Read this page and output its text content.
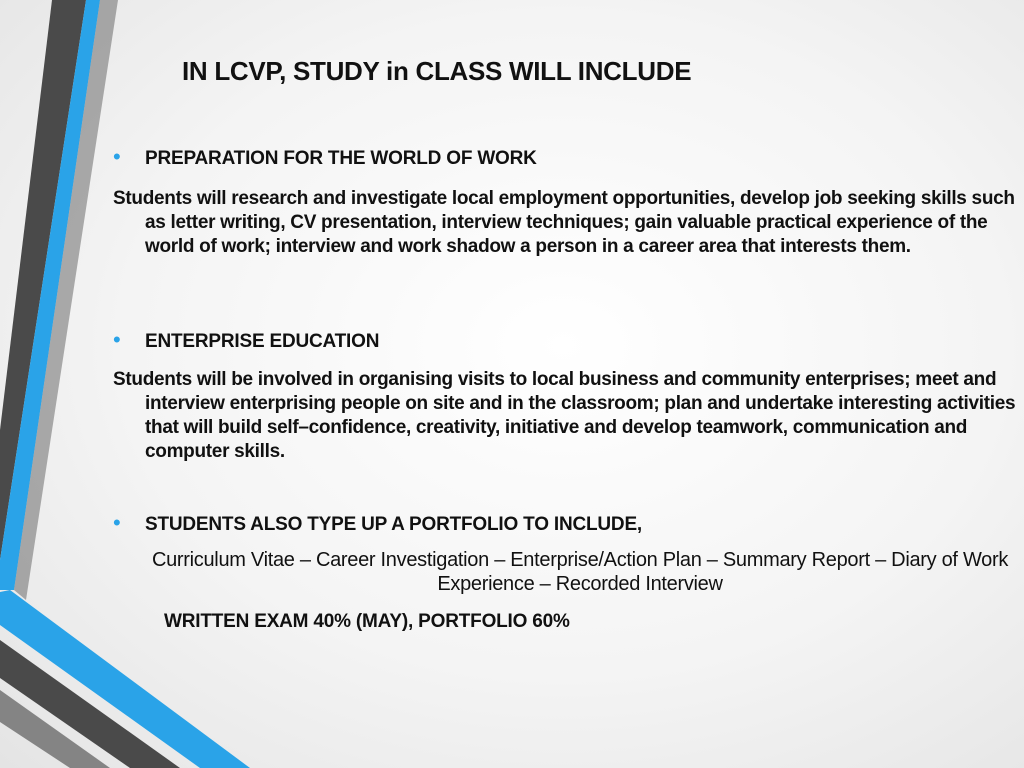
IN LCVP, STUDY in CLASS WILL INCLUDE
•	PREPARATION FOR THE WORLD OF WORK
Students will research and investigate local employment opportunities, develop job seeking skills such as letter writing, CV presentation, interview techniques; gain valuable practical experience of the world of work; interview and work shadow a person in a career area that interests them.
•	ENTERPRISE EDUCATION
Students will be involved in organising visits to local business and community enterprises; meet and interview enterprising people on site and in the classroom; plan and undertake interesting activities that will build self–confidence, creativity, initiative and develop teamwork, communication and computer skills.
•	STUDENTS ALSO TYPE UP A PORTFOLIO TO INCLUDE,
Curriculum Vitae – Career Investigation – Enterprise/Action Plan – Summary Report – Diary of Work Experience – Recorded Interview
WRITTEN EXAM 40% (MAY), PORTFOLIO 60%
